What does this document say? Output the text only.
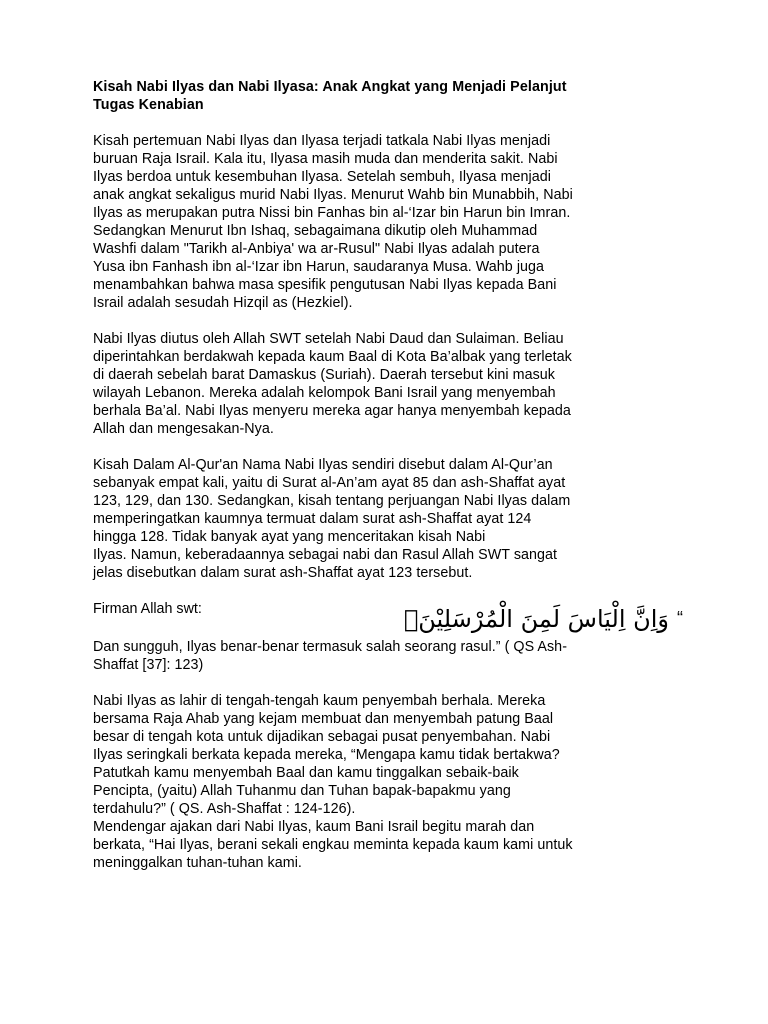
Kisah Nabi Ilyas dan Nabi Ilyasa: Anak Angkat yang Menjadi Pelanjut
Tugas Kenabian
Kisah pertemuan Nabi Ilyas dan Ilyasa terjadi tatkala Nabi Ilyas menjadi
buruan Raja Israil. Kala itu, Ilyasa masih muda dan menderita sakit. Nabi
Ilyas berdoa untuk kesembuhan Ilyasa. Setelah sembuh, Ilyasa menjadi
anak angkat sekaligus murid Nabi Ilyas. Menurut Wahb bin Munabbih, Nabi
Ilyas as merupakan putra Nissi bin Fanhas bin al-‘Izar bin Harun bin Imran.
Sedangkan Menurut Ibn Ishaq, sebagaimana dikutip oleh Muhammad
Washfi dalam "Tarikh al-Anbiya' wa ar-Rusul" Nabi Ilyas adalah putera
Yusa ibn Fanhash ibn al-‘Izar ibn Harun, saudaranya Musa. Wahb juga
menambahkan bahwa masa spesifik pengutusan Nabi Ilyas kepada Bani
Israil adalah sesudah Hizqil as (Hezkiel).
Nabi Ilyas diutus oleh Allah SWT setelah Nabi Daud dan Sulaiman. Beliau
diperintahkan berdakwah kepada kaum Baal di Kota Ba’albak yang terletak
di daerah sebelah barat Damaskus (Suriah). Daerah tersebut kini masuk
wilayah Lebanon. Mereka adalah kelompok Bani Israil yang menyembah
berhala Ba’al. Nabi Ilyas menyeru mereka agar hanya menyembah kepada
Allah dan mengesakan-Nya.
Kisah Dalam Al-Qur'an Nama Nabi Ilyas sendiri disebut dalam Al-Qur’an
sebanyak empat kali, yaitu di Surat al-An’am ayat 85 dan ash-Shaffat ayat
123, 129, dan 130. Sedangkan, kisah tentang perjuangan Nabi Ilyas dalam
memperingatkan kaumnya termuat dalam surat ash-Shaffat ayat 124
hingga 128. Tidak banyak ayat yang menceritakan kisah Nabi
Ilyas. Namun, keberadaannya sebagai nabi dan Rasul Allah SWT sangat
jelas disebutkan dalam surat ash-Shaffat ayat 123 tersebut.
Firman Allah swt:	وَاِنَّ اِلْيَاسَ لَمِنَ الْمُرْسَلِيْنَۗ “
Dan sungguh, Ilyas benar-benar termasuk salah seorang rasul.” ( QS Ash-
Shaffat [37]: 123)
Nabi Ilyas as lahir di tengah-tengah kaum penyembah berhala. Mereka
bersama Raja Ahab yang kejam membuat dan menyembah patung Baal
besar di tengah kota untuk dijadikan sebagai pusat penyembahan. Nabi
Ilyas seringkali berkata kepada mereka, “Mengapa kamu tidak bertakwa?
Patutkah kamu menyembah Baal dan kamu tinggalkan sebaik-baik
Pencipta, (yaitu) Allah Tuhanmu dan Tuhan bapak-bapakmu yang
terdahulu?” ( QS. Ash-Shaffat : 124-126).
Mendengar ajakan dari Nabi Ilyas, kaum Bani Israil begitu marah dan
berkata, “Hai Ilyas, berani sekali engkau meminta kepada kaum kami untuk
meninggalkan tuhan-tuhan kami.
